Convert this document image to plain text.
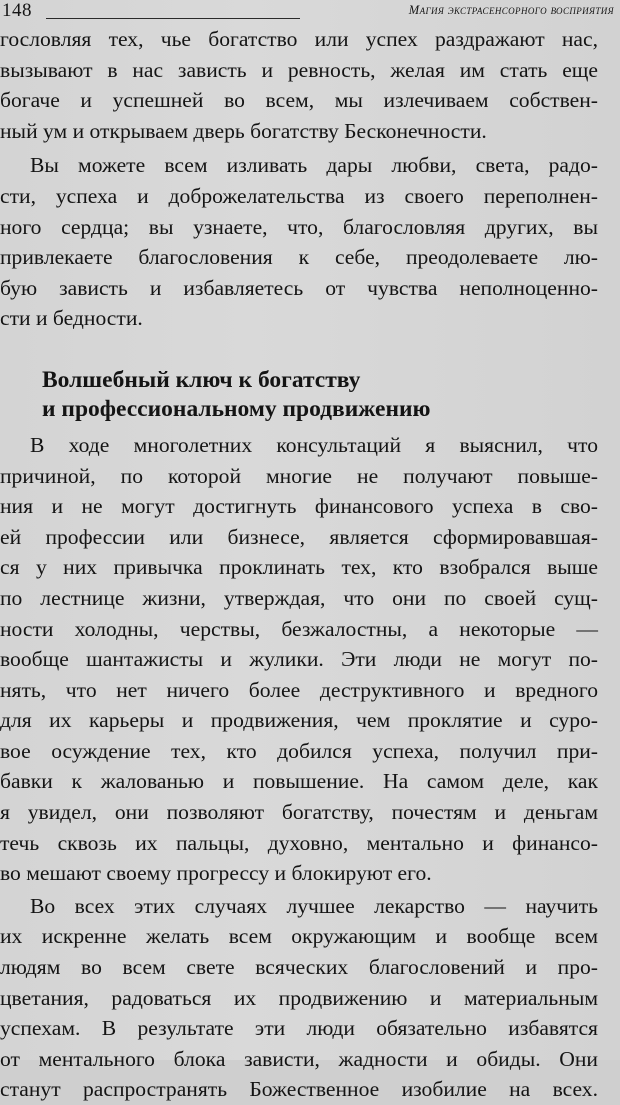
148	Магия экстрасенсорного восприятия
гословляя тех, чье богатство или успех раздражают нас,
вызывают в нас зависть и ревность, желая им стать еще
богаче и успешней во всем, мы излечиваем собствен-
ный ум и открываем дверь богатству Бесконечности.
Вы можете всем изливать дары любви, света, радо-
сти, успеха и доброжелательства из своего переполнен-
ного сердца; вы узнаете, что, благословляя других, вы
привлекаете благословения к себе, преодолеваете лю-
бую зависть и избавляетесь от чувства неполноценно-
сти и бедности.
Волшебный ключ к богатству
и профессиональному продвижению
В ходе многолетних консультаций я выяснил, что
причиной, по которой многие не получают повыше-
ния и не могут достигнуть финансового успеха в сво-
ей профессии или бизнесе, является сформировавшая-
ся у них привычка проклинать тех, кто взобрался выше
по лестнице жизни, утверждая, что они по своей сущ-
ности холодны, черствы, безжалостны, а некоторые —
вообще шантажисты и жулики. Эти люди не могут по-
нять, что нет ничего более деструктивного и вредного
для их карьеры и продвижения, чем проклятие и суро-
вое осуждение тех, кто добился успеха, получил при-
бавки к жалованью и повышение. На самом деле, как
я увидел, они позволяют богатству, почестям и деньгам
течь сквозь их пальцы, духовно, ментально и финансо-
во мешают своему прогрессу и блокируют его.
Во всех этих случаях лучшее лекарство — научить
их искренне желать всем окружающим и вообще всем
людям во всем свете всяческих благословений и про-
цветания, радоваться их продвижению и материальным
успехам. В результате эти люди обязательно избавятся
от ментального блока зависти, жадности и обиды. Они
станут распространять Божественное изобилие на всех.
